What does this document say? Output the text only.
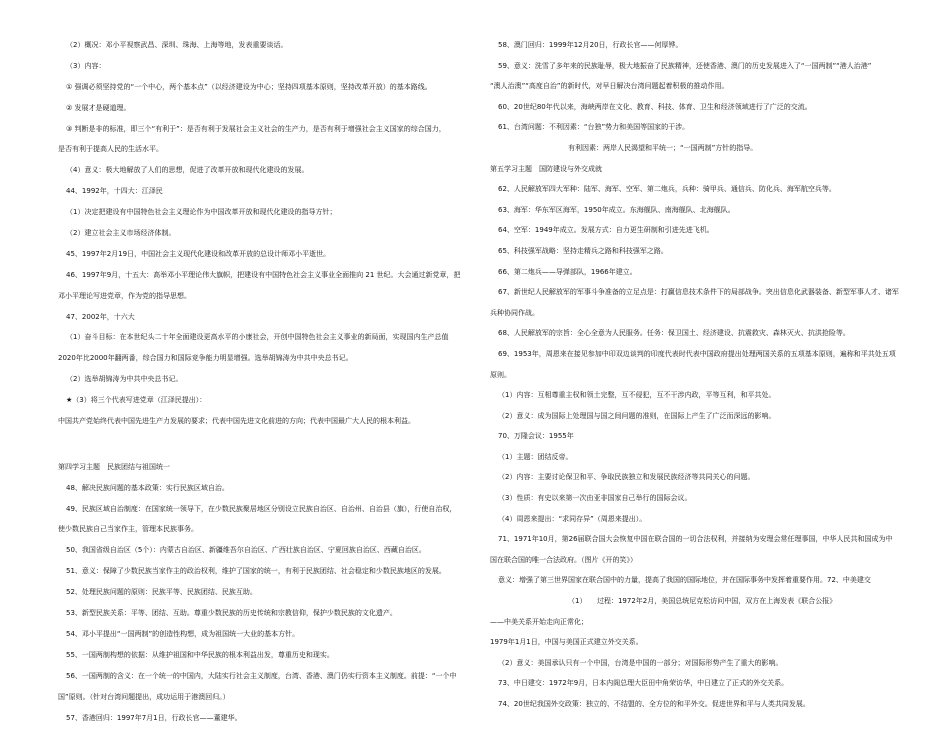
（2）概况：邓小平视察武昌、深圳、珠海、上海等地，发表重要谈话。
（3）内容：
① 强调必须坚持党的“一个中心，两个基本点”（以经济建设为中心；坚持四项基本原则，坚持改革开放）的基本路线。
② 发展才是硬道理。
③ 判断是非的标准，即三个“有利于”：是否有利于发展社会主义社会的生产力，是否有利于增强社会主义国家的综合国力，
是否有利于提高人民的生活水平。
（4）意义：极大地解放了人们的思想，促进了改革开放和现代化建设的发展。
44、1992年，十四大：江泽民
（1）决定把建设有中国特色社会主义理论作为中国改革开放和现代化建设的指导方针；
（2）建立社会主义市场经济体制。
45、1997年2月19日，中国社会主义现代化建设和改革开放的总设计师邓小平逝世。
46、1997年9月，十五大：高举邓小平理论伟大旗帜，把建设有中国特色社会主义事业全面推向 21 世纪。大会通过新党章，把
邓小平理论写进党章，作为党的指导思想。
47、2002年，十六大
（1）奋斗目标：在本世纪头二十年全面建设更高水平的小康社会，开创中国特色社会主义事业的新局面，实现国内生产总值
2020年比2000年翻两番，综合国力和国际竞争能力明显增强。选举胡锦涛为中共中央总书记。
（2）选举胡锦涛为中共中央总书记。
★（3）将三个代表写进党章（江泽民提出）：
中国共产党始终代表中国先进生产力发展的要求；代表中国先进文化前进的方向；代表中国最广大人民的根本利益。
第四学习主题　民族团结与祖国统一
48、解决民族问题的基本政策：实行民族区域自治。
49、民族区域自治制度：在国家统一领导下，在少数民族聚居地区分别设立民族自治区、自治州、自治县（旗），行使自治权，
使少数民族自己当家作主，管理本民族事务。
50、我国省级自治区（5个）：内蒙古自治区、新疆维吾尔自治区、广西壮族自治区、宁夏回族自治区、西藏自治区。
51、意义：保障了少数民族当家作主的政治权利，维护了国家的统一，有利于民族团结、社会稳定和少数民族地区的发展。
52、处理民族问题的原则：民族平等、民族团结、民族互助。
53、新型民族关系：平等、团结、互助。尊重少数民族的历史传统和宗教信仰，保护少数民族的文化遗产。
54、邓小平提出“一国两制”的创造性构想，成为祖国统一大业的基本方针。
55、一国两制构想的依据：从维护祖国和中华民族的根本利益出发，尊重历史和现实。
56、一国两制的含义：在一个统一的中国内，大陆实行社会主义制度，台湾、香港、澳门仍实行资本主义制度。前提：“一个中
国”原则。（针对台湾问题提出，成功运用于港澳回归。）
57、香港回归：1997年7月1日，行政长官——董建华。
58、澳门回归：1999年12月20日，行政长官——何厚铧。
59、意义：洗雪了多年来的民族耻辱，极大地振奋了民族精神，还使香港、澳门的历史发展进入了“一国两制”“港人治港”
“澳人治澳”“高度自治”的新时代，对早日解决台湾问题起着积极的推动作用。
60、20世纪80年代以来，海峡两岸在文化、教育、科技、体育、卫生和经济领域进行了广泛的交流。
61、台湾问题：不利因素：“台独”势力和美国等国家的干涉。
有利因素：两岸人民渴望和平统一；“一国两制”方针的指导。
第五学习主题　国防建设与外交成就
62、人民解放军四大军种：陆军、海军、空军、第二炮兵，兵种：骑甲兵、通信兵、防化兵、海军航空兵等。
63、海军：华东军区海军，1950年成立。东海舰队、南海舰队、北海舰队。
64、空军：1949年成立。发展方式：自力更生研制和引进先进飞机。
65、科技强军战略：坚持走精兵之路和科技强军之路。
66、第二炮兵——导弹部队，1966年建立。
67、新世纪人民解放军的军事斗争准备的立足点是：打赢信息技术条件下的局部战争。突出信息化武器装备、新型军事人才、诸军
兵种协同作战。
68、人民解放军的宗旨：全心全意为人民服务。任务：保卫国土、经济建设、抗震救灾、森林灭火、抗洪抢险等。
69、1953年，周恩来在接见参加中印双边谈判的印度代表时代表中国政府提出处理两国关系的五项基本原则，遍称和平共处五项
原则。
（1）内容：互相尊重主权和领土完整，互不侵犯，互不干涉内政，平等互利，和平共处。
（2）意义：成为国际上处理国与国之间问题的准则，在国际上产生了广泛而深远的影响。
70、万隆会议：1955年
（1）主题：团结反帝。
（2）内容：主要讨论保卫和平、争取民族独立和发展民族经济等共同关心的问题。
（3）性质：有史以来第一次由亚非国家自己举行的国际会议。
（4）周恩来提出：“求同存异”（周恩来提出）。
71、1971年10月，第26届联合国大会恢复中国在联合国的一切合法权利，并接纳为安理会常任理事国，中华人民共和国成为中
国在联合国的唯一合法政府。（图片《开的笑》）
意义：增强了第三世界国家在联合国中的力量，提高了我国的国际地位，并在国际事务中发挥着重要作用。72、中美建交
（1）　　过程：1972年2月，美国总统尼克松访问中国，双方在上海发表《联合公报》
——中美关系开始走向正常化；
1979年1月1日，中国与美国正式建立外交关系。
（2）意义：美国承认只有一个中国，台湾是中国的一部分；对国际形势产生了重大的影响。
73、中日建交：1972年9月，日本内阁总理大臣田中角荣访华，中日建立了正式的外交关系。
74、20世纪我国外交政策：独立的、不结盟的、全方位的和平外交。促进世界和平与人类共同发展。
